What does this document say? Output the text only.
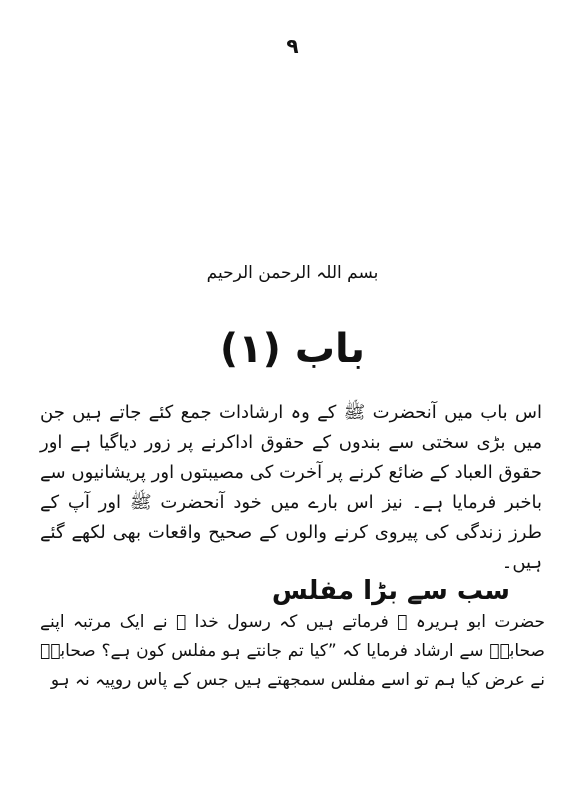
۹
بسم اللہ الرحمن الرحیم
باب (۱)

اس باب میں آنحضرت ﷺ کے وہ ارشادات جمع کئے جاتے ہیں جن میں بڑی سختی سے بندوں کے حقوق اداکرنے پر زور دیاگیا ہے اور حقوق العباد کے ضائع کرنے پر آخرت کی مصیبتوں اور پریشانیوں سے باخبر فرمایا ہے۔ نیز اس بارے میں خود آنحضرت ﷺ اور آپ کے طرز زندگی کی پیروی کرنے والوں کے صحیح واقعات بھی لکھے گئے ہیں۔

سب سے بڑا مفلس

حضرت ابو ہریرہ ؓ فرماتے ہیں کہ رسول خدا ﷺ نے ایک مرتبہ اپنے صحابہؓ سے ارشاد فرمایا کہ ”کیا تم جانتے ہو مفلس کون ہے؟ صحابہؓ نے عرض کیا ہم تو اسے مفلس سمجھتے ہیں جس کے پاس روپیہ نہ ہو
